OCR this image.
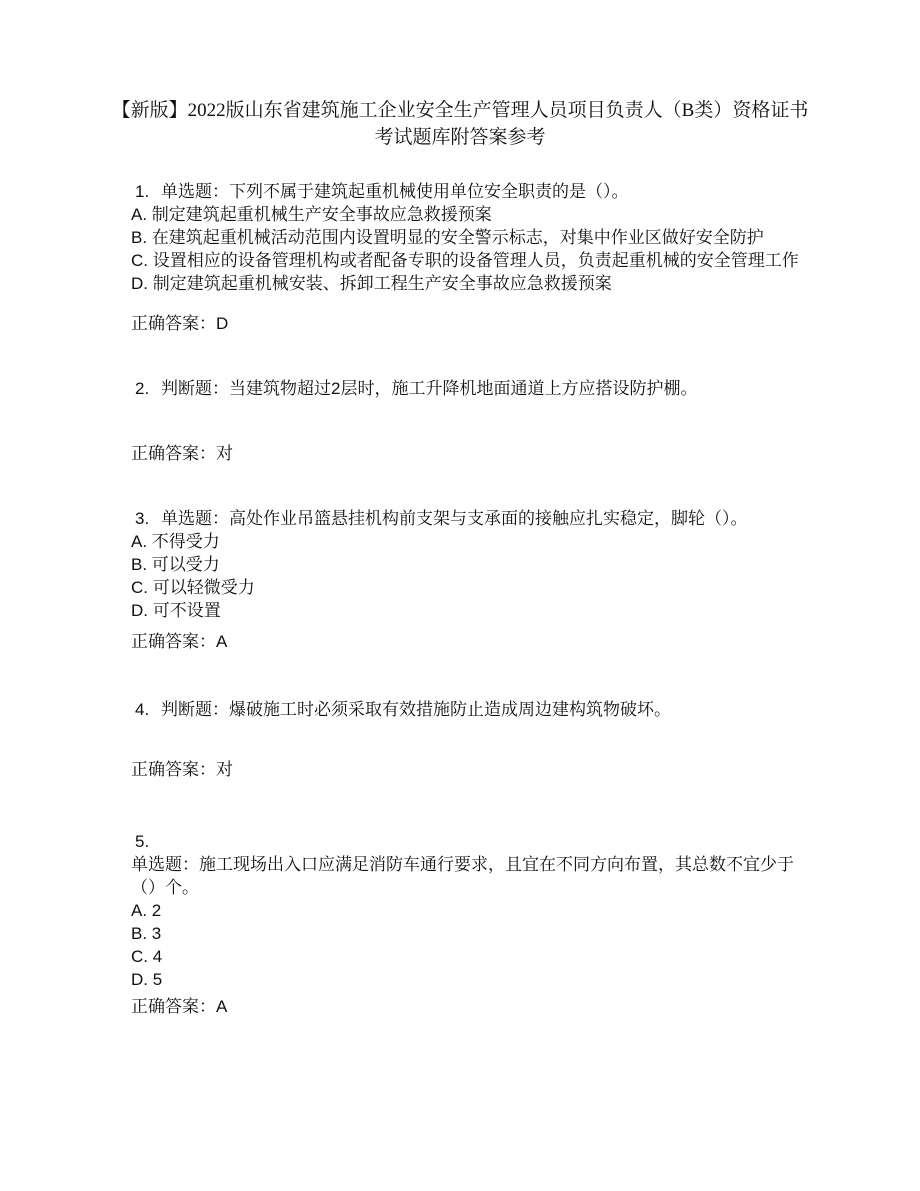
【新版】2022版山东省建筑施工企业安全生产管理人员项目负责人（B类）资格证书考试题库附答案参考

1. 单选题：下列不属于建筑起重机械使用单位安全职责的是（）。

A. 制定建筑起重机械生产安全事故应急救援预案

B. 在建筑起重机械活动范围内设置明显的安全警示标志，对集中作业区做好安全防护

C. 设置相应的设备管理机构或者配备专职的设备管理人员，负责起重机械的安全管理工作

D. 制定建筑起重机械安装、拆卸工程生产安全事故应急救援预案

正确答案：D

2. 判断题：当建筑物超过2层时，施工升降机地面通道上方应搭设防护棚。

正确答案：对

3. 单选题：高处作业吊篮悬挂机构前支架与支承面的接触应扎实稳定，脚轮（）。

A. 不得受力

B. 可以受力

C. 可以轻微受力

D. 可不设置

正确答案：A

4. 判断题：爆破施工时必须采取有效措施防止造成周边建构筑物破坏。

正确答案：对

5.
单选题：施工现场出入口应满足消防车通行要求，且宜在不同方向布置，其总数不宜少于（）个。

A. 2

B. 3

C. 4

D. 5

正确答案：A
